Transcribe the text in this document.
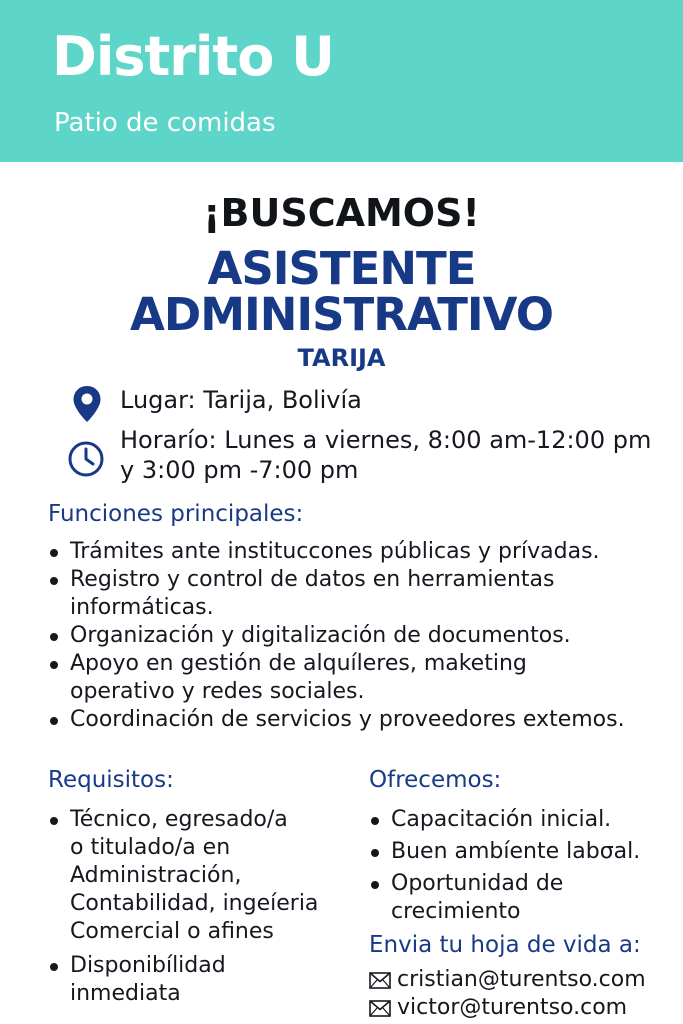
Distrito U
Patio de comidas
¡BUSCAMOS!
ASISTENTE
ADMINISTRATIVO
TARIJA
Lugar: Tarija, Bolivía
Horarío: Lunes a viernes, 8:00 am-12:00 pm
y 3:00 pm -7:00 pm
Funciones principales:
Trámites ante instituccones públicas y prívadas.
Registro y control de datos en herramientas
informáticas.
Organización y digitalización de documentos.
Apoyo en gestión de alquíleres, maketing
operativo y redes sociales.
Coordinación de servicios y proveedores extemos.
Requisitos:
Técnico, egresado/a
o titulado/a en
Administración,
Contabilidad, ingeíeria
Comercial o afines
Disponibílidad
inmediata
Ofrecemos:
Capacitación inicial.
Buen ambíente labσal.
Oportunidad de
crecimiento
Envia tu hoja de vida a:
cristian@turentso.com
victor@turentso.com
